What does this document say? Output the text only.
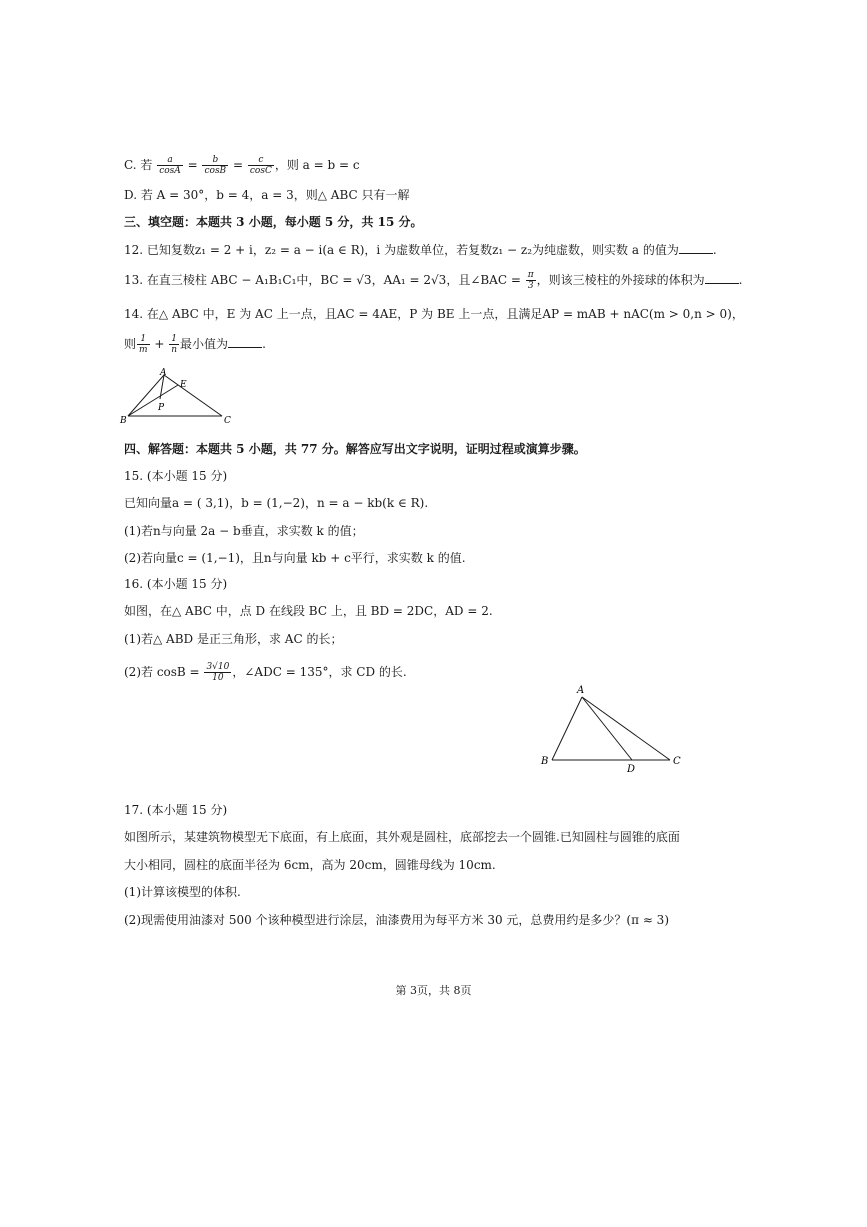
C. 若 $\frac{a}{\cos A} = \frac{b}{\cos B} = \frac{c}{\cos C}$ ，则 a = b = c
D. 若 A = 30°，b = 4，a = 3，则△ ABC 只有一解
三、填空题：本题共 3 小题，每小题 5 分，共 15 分。
12. 已知复数z₁ = 2 + i，z₂ = a − i(a ∈ R)，i 为虚数单位，若复数z₁ − z₂为纯虚数，则实数 a 的值为	.
13. 在直三棱柱 ABC − A₁B₁C₁中，BC = √3，AA₁ = 2√3，且∠BAC = $\frac{\pi}{3}$ ，则该三棱柱的外接球的体积为	.
14. 在△ ABC 中，E 为 AC 上一点，且AC = 4AE，P 为 BE 上一点，且满足AP = mAB + nAC(m > 0,n > 0)，
则 $\frac{1}{m} + \frac{1}{n}$ 最小值为	.
A
E
P
B	C
四、解答题：本题共 5 小题，共 77 分。解答应写出文字说明，证明过程或演算步骤。
15. (本小题 15 分)
已知向量a = ( 3,1)，b = (1,−2)，n = a − kb(k ∈ R).
(1)若n与向量 2a − b垂直，求实数 k 的值；
(2)若向量c = (1,−1)，且n与向量 kb + c平行，求实数 k 的值.
16. (本小题 15 分)
如图，在△ ABC 中，点 D 在线段 BC 上，且 BD = 2DC，AD = 2.
(1)若△ ABD 是正三角形，求 AC 的长；
(2)若 $\cos B = \frac{3√10}{10}$ ，∠ADC = 135°，求 CD 的长.
A
B
D
C
17. (本小题 15 分)
如图所示，某建筑物模型无下底面，有上底面，其外观是圆柱，底部挖去一个圆锥.已知圆柱与圆锥的底面
大小相同，圆柱的底面半径为 6cm，高为 20cm，圆锥母线为 10cm.
(1)计算该模型的体积.
(2)现需使用油漆对 500 个该种模型进行涂层，油漆费用为每平方米 30 元，总费用约是多少？(π ≈ 3)
第 3页，共 8页
